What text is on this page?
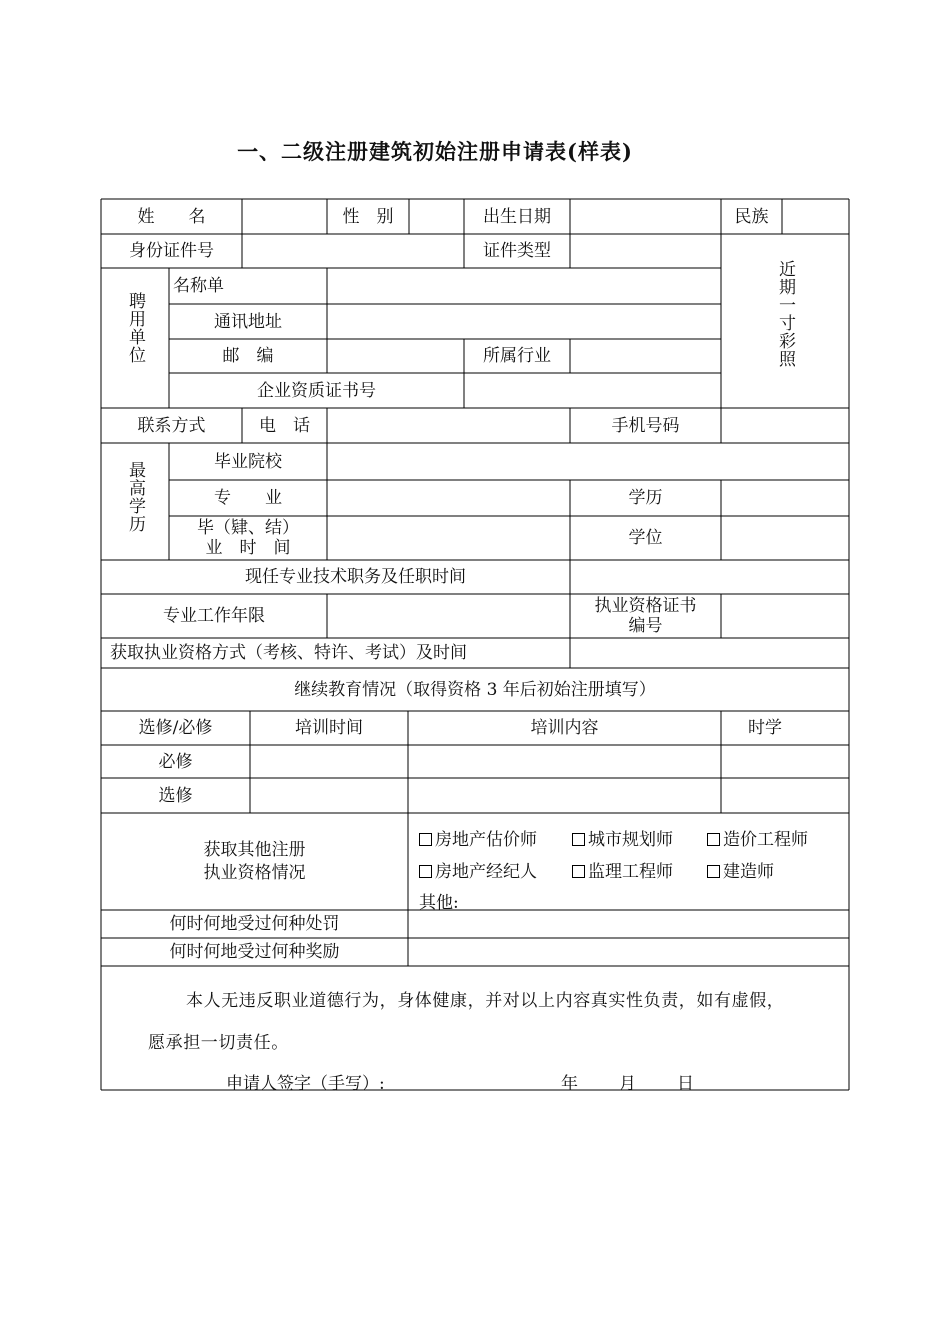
一、二级注册建筑初始注册申请表(样表)
姓　　名	性　别	出生日期	民族
身份证件号	证件类型
近期一寸彩照
聘用单位
名称单
通讯地址
邮　编	所属行业
企业资质证书号
联系方式	电　话	手机号码
最高学历	毕业院校
专　　业	学历
毕（肄、结）
业　时　间	学位
现任专业技术职务及任职时间
专业工作年限	执业资格证书
编号
获取执业资格方式（考核、特许、考试）及时间
继续教育情况（取得资格 3 年后初始注册填写）
选修/必修	培训时间	培训内容	时学
必修
选修
获取其他注册
执业资格情况
房地产估价师	城市规划师	造价工程师
房地产经纪人	监理工程师	建造师
其他:
何时何地受过何种处罚
何时何地受过何种奖励
本人无违反职业道德行为，身体健康，并对以上内容真实性负责，如有虚假，
愿承担一切责任。
申请人签字（手写）:	年 月 日
